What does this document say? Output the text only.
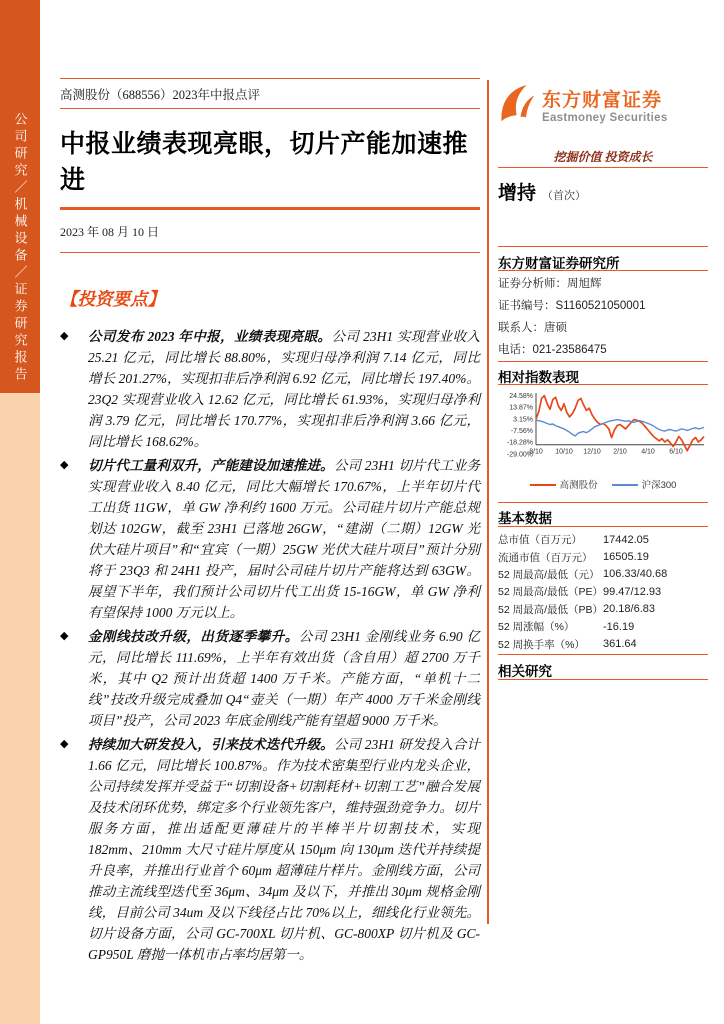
公司研究／机械设备／证券研究报告
高测股份（688556）2023年中报点评
中报业绩表现亮眼，切片产能加速推进
2023 年 08 月 10 日
【投资要点】
◆	公司发布 2023 年中报，业绩表现亮眼。公司 23H1 实现营业收入 25.21 亿元，同比增长 88.80%，实现归母净利润 7.14 亿元，同比增长 201.27%，实现扣非后净利润 6.92 亿元，同比增长 197.40%。23Q2 实现营业收入 12.62 亿元，同比增长 61.93%，实现归母净利润 3.79 亿元，同比增长 170.77%，实现扣非后净利润 3.66 亿元，同比增长 168.62%。
◆	切片代工量利双升，产能建设加速推进。公司 23H1 切片代工业务实现营业收入 8.40 亿元，同比大幅增长 170.67%，上半年切片代工出货 11GW，单 GW 净利约 1600 万元。公司硅片切片产能总规划达 102GW，截至 23H1 已落地 26GW，“建湖（二期）12GW 光伏大硅片项目”和“宜宾（一期）25GW 光伏大硅片项目”预计分别将于 23Q3 和 24H1 投产，届时公司硅片切片产能将达到 63GW。展望下半年，我们预计公司切片代工出货 15-16GW，单 GW 净利有望保持 1000 万元以上。
◆	金刚线技改升级，出货逐季攀升。公司 23H1 金刚线业务 6.90 亿元，同比增长 111.69%，上半年有效出货（含自用）超 2700 万千米，其中 Q2 预计出货超 1400 万千米。产能方面，“单机十二线”技改升级完成叠加 Q4“壶关（一期）年产 4000 万千米金刚线项目”投产，公司 2023 年底金刚线产能有望超 9000 万千米。
◆	持续加大研发投入，引来技术迭代升级。公司 23H1 研发投入合计 1.66 亿元，同比增长 100.87%。作为技术密集型行业内龙头企业，公司持续发挥并受益于“切割设备+切割耗材+切割工艺”融合发展及技术闭环优势，绑定多个行业领先客户，维持强劲竞争力。切片服务方面，推出适配更薄硅片的半棒半片切割技术，实现 182mm、210mm 大尺寸硅片厚度从 150μm 向 130μm 迭代并持续提升良率，并推出行业首个 60μm 超薄硅片样片。金刚线方面，公司推动主流线型迭代至 36μm、34μm 及以下，并推出 30μm 规格金刚线，目前公司 34um 及以下线径占比 70%以上，细线化行业领先。切片设备方面，公司 GC-700XL 切片机、GC-800XP 切片机及 GC-GP950L 磨抛一体机市占率均居第一。
东方财富证券
Eastmoney Securities
挖掘价值 投资成长
增持 （首次）
东方财富证券研究所
证券分析师： 周旭辉
证书编号： S1160521050001
联系人： 唐硕
电话： 021-23586475
相对指数表现
24.58%
13.87%
3.15%
-7.56%
-18.28%
-29.00%
8/10 10/10 12/10 2/10 4/10 6/10
高测股份	沪深300
基本数据
总市值（百万元）	17442.05
流通市值（百万元） 16505.19
52 周最高/最低（元） 106.33/40.68
52 周最高/最低（PE） 99.47/12.93
52 周最高/最低（PB） 20.18/6.83
52 周涨幅（%）	-16.19
52 周换手率（%）	361.64
相关研究
